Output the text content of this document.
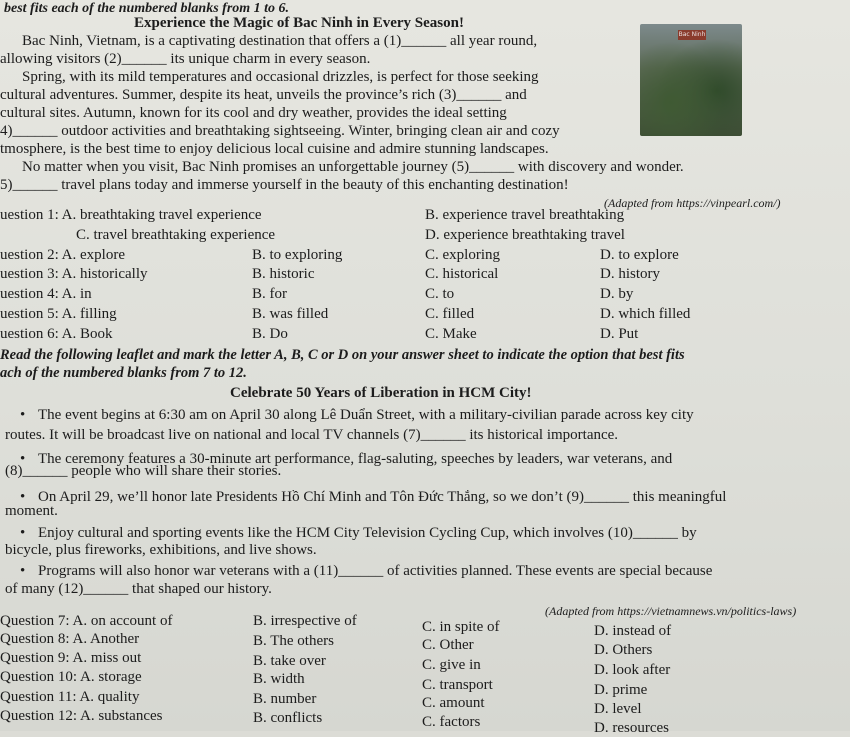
best fits each of the numbered blanks from 1 to 6.
Experience the Magic of Bac Ninh in Every Season!
Bac Ninh
Bac Ninh, Vietnam, is a captivating destination that offers a (1)______ all year round,
allowing visitors (2)______ its unique charm in every season.
Spring, with its mild temperatures and occasional drizzles, is perfect for those seeking
cultural adventures. Summer, despite its heat, unveils the province’s rich (3)______ and
cultural sites. Autumn, known for its cool and dry weather, provides the ideal setting
4)______ outdoor activities and breathtaking sightseeing. Winter, bringing clean air and cozy
tmosphere, is the best time to enjoy delicious local cuisine and admire stunning landscapes.
No matter when you visit, Bac Ninh promises an unforgettable journey (5)______ with discovery and wonder.
5)______ travel plans today and immerse yourself in the beauty of this enchanting destination!
(Adapted from https://vinpearl.com/)
uestion 1: A. breathtaking travel experience	B. experience travel breathtaking
C. travel breathtaking experience	D. experience breathtaking travel
uestion 2: A. explore	B. to exploring	C. exploring	D. to explore
uestion 3: A. historically	B. historic	C. historical	D. history
uestion 4: A. in	B. for	C. to	D. by
uestion 5: A. filling	B. was filled	C. filled	D. which filled
uestion 6: A. Book	B. Do	C. Make	D. Put
Read the following leaflet and mark the letter A, B, C or D on your answer sheet to indicate the option that best fits
ach of the numbered blanks from 7 to 12.
Celebrate 50 Years of Liberation in HCM City!
• The event begins at 6:30 am on April 30 along Lê Duẩn Street, with a military-civilian parade across key city
routes. It will be broadcast live on national and local TV channels (7)______ its historical importance.
• The ceremony features a 30-minute art performance, flag-saluting, speeches by leaders, war veterans, and
(8)______ people who will share their stories.
• On April 29, we’ll honor late Presidents Hồ Chí Minh and Tôn Đức Thắng, so we don’t (9)______ this meaningful
moment.
• Enjoy cultural and sporting events like the HCM City Television Cycling Cup, which involves (10)______ by
bicycle, plus fireworks, exhibitions, and live shows.
• Programs will also honor war veterans with a (11)______ of activities planned. These events are special because
of many (12)______ that shaped our history.
(Adapted from https://vietnamnews.vn/politics-laws)
Question 7: A. on account of	B. irrespective of	C. in spite of	D. instead of
Question 8: A. Another	B. The others	C. Other	D. Others
Question 9: A. miss out	B. take over	C. give in	D. look after
Question 10: A. storage	B. width	C. transport	D. prime
Question 11: A. quality	B. number	C. amount	D. level
Question 12: A. substances	B. conflicts	C. factors	D. resources
